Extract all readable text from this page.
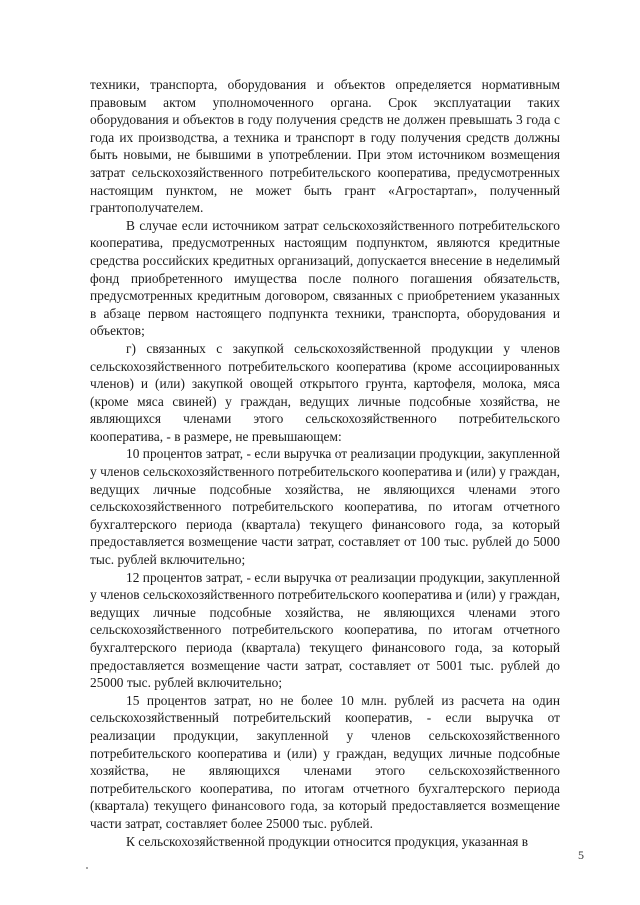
техники, транспорта, оборудования и объектов определяется нормативным правовым актом уполномоченного органа. Срок эксплуатации таких оборудования и объектов в году получения средств не должен превышать 3 года с года их производства, а техника и транспорт в году получения средств должны быть новыми, не бывшими в употреблении. При этом источником возмещения затрат сельскохозяйственного потребительского кооператива, предусмотренных настоящим пунктом, не может быть грант «Агростартап», полученный грантополучателем.

В случае если источником затрат сельскохозяйственного потребительского кооператива, предусмотренных настоящим подпунктом, являются кредитные средства российских кредитных организаций, допускается внесение в неделимый фонд приобретенного имущества после полного погашения обязательств, предусмотренных кредитным договором, связанных с приобретением указанных в абзаце первом настоящего подпункта техники, транспорта, оборудования и объектов;

г) связанных с закупкой сельскохозяйственной продукции у членов сельскохозяйственного потребительского кооператива (кроме ассоциированных членов) и (или) закупкой овощей открытого грунта, картофеля, молока, мяса (кроме мяса свиней) у граждан, ведущих личные подсобные хозяйства, не являющихся членами этого сельскохозяйственного потребительского кооператива, - в размере, не превышающем:

10 процентов затрат, - если выручка от реализации продукции, закупленной у членов сельскохозяйственного потребительского кооператива и (или) у граждан, ведущих личные подсобные хозяйства, не являющихся членами этого сельскохозяйственного потребительского кооператива, по итогам отчетного бухгалтерского периода (квартала) текущего финансового года, за который предоставляется возмещение части затрат, составляет от 100 тыс. рублей до 5000 тыс. рублей включительно;

12 процентов затрат, - если выручка от реализации продукции, закупленной у членов сельскохозяйственного потребительского кооператива и (или) у граждан, ведущих личные подсобные хозяйства, не являющихся членами этого сельскохозяйственного потребительского кооператива, по итогам отчетного бухгалтерского периода (квартала) текущего финансового года, за который предоставляется возмещение части затрат, составляет от 5001 тыс. рублей до 25000 тыс. рублей включительно;

15 процентов затрат, но не более 10 млн. рублей из расчета на один сельскохозяйственный потребительский кооператив, - если выручка от реализации продукции, закупленной у членов сельскохозяйственного потребительского кооператива и (или) у граждан, ведущих личные подсобные хозяйства, не являющихся членами этого сельскохозяйственного потребительского кооператива, по итогам отчетного бухгалтерского периода (квартала) текущего финансового года, за который предоставляется возмещение части затрат, составляет более 25000 тыс. рублей.

К сельскохозяйственной продукции относится продукция, указанная в

5
